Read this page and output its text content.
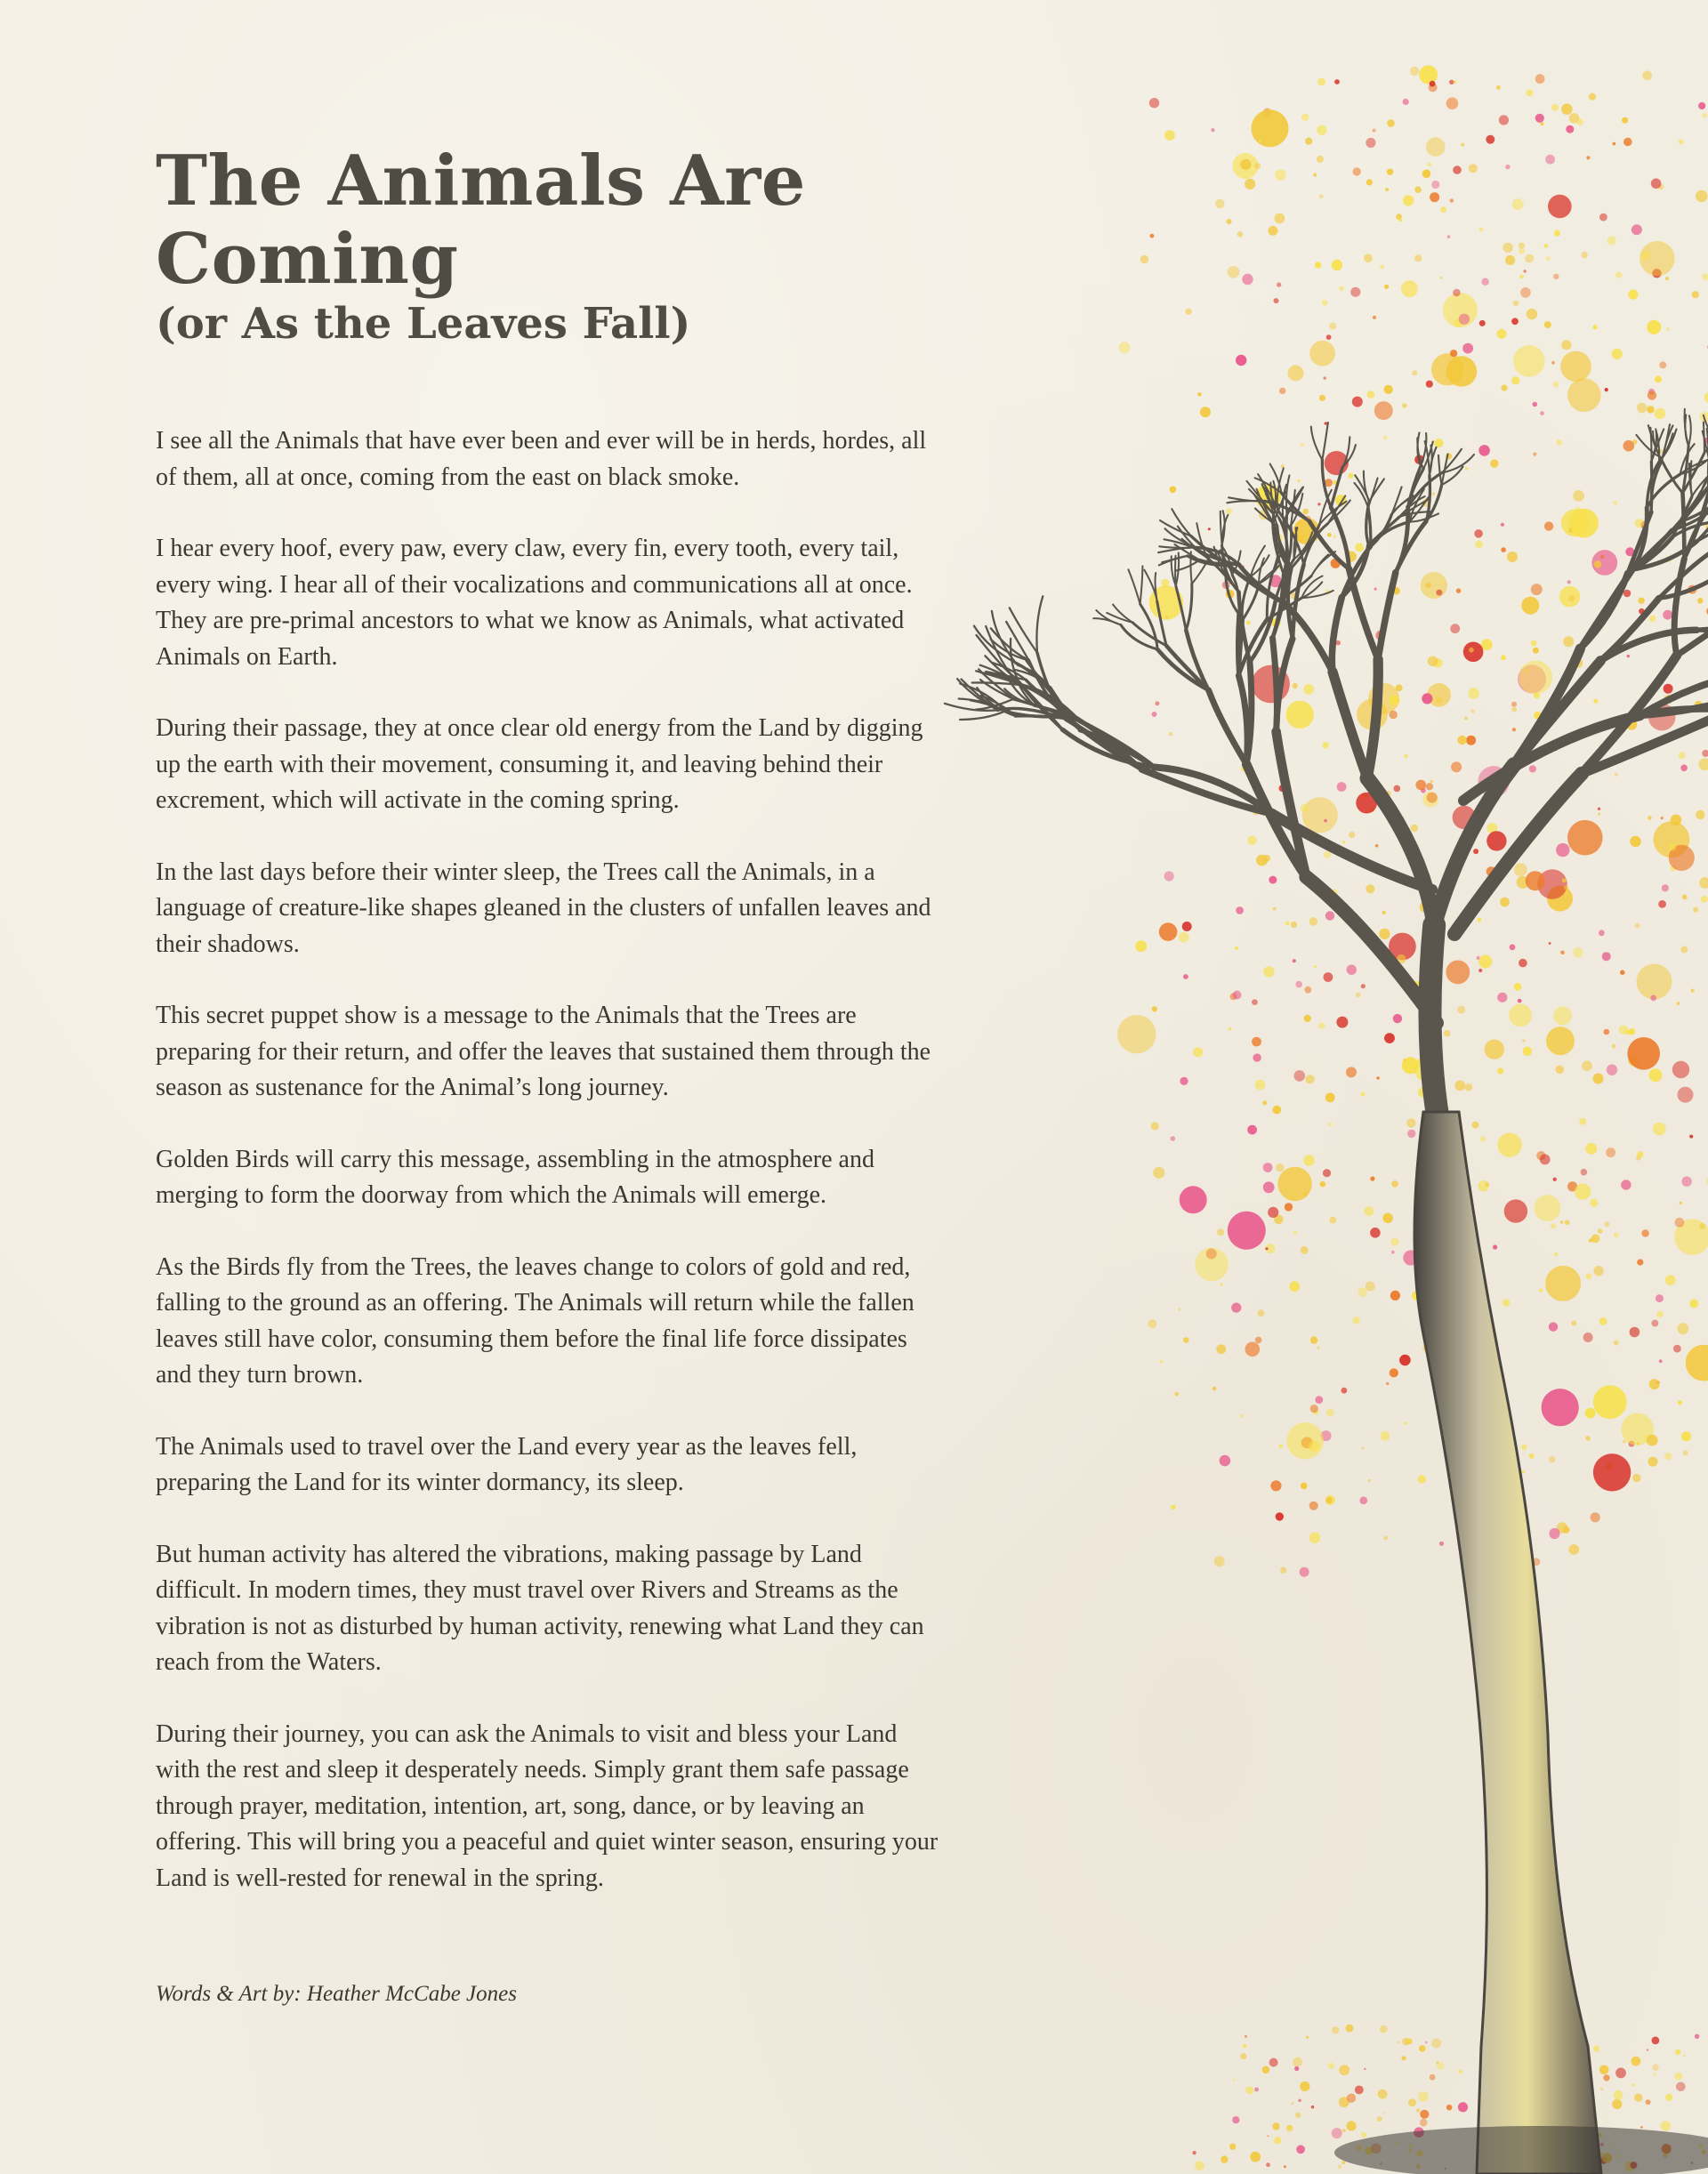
The Animals Are Coming
(or As the Leaves Fall)

I see all the Animals that have ever been and ever will be in herds, hordes, all of them, all at once, coming from the east on black smoke.

I hear every hoof, every paw, every claw, every fin, every tooth, every tail, every wing. I hear all of their vocalizations and communications all at once. They are pre-primal ancestors to what we know as Animals, what activated Animals on Earth.

During their passage, they at once clear old energy from the Land by digging up the earth with their movement, consuming it, and leaving behind their excrement, which will activate in the coming spring.

In the last days before their winter sleep, the Trees call the Animals, in a language of creature-like shapes gleaned in the clusters of unfallen leaves and their shadows.

This secret puppet show is a message to the Animals that the Trees are preparing for their return, and offer the leaves that sustained them through the season as sustenance for the Animal’s long journey.

Golden Birds will carry this message, assembling in the atmosphere and merging to form the doorway from which the Animals will emerge.

As the Birds fly from the Trees, the leaves change to colors of gold and red, falling to the ground as an offering. The Animals will return while the fallen leaves still have color, consuming them before the final life force dissipates and they turn brown.

The Animals used to travel over the Land every year as the leaves fell, preparing the Land for its winter dormancy, its sleep.

But human activity has altered the vibrations, making passage by Land difficult. In modern times, they must travel over Rivers and Streams as the vibration is not as disturbed by human activity, renewing what Land they can reach from the Waters.

During their journey, you can ask the Animals to visit and bless your Land with the rest and sleep it desperately needs. Simply grant them safe passage through prayer, meditation, intention, art, song, dance, or by leaving an offering. This will bring you a peaceful and quiet winter season, ensuring your Land is well-rested for renewal in the spring.

Words & Art by: Heather McCabe Jones
